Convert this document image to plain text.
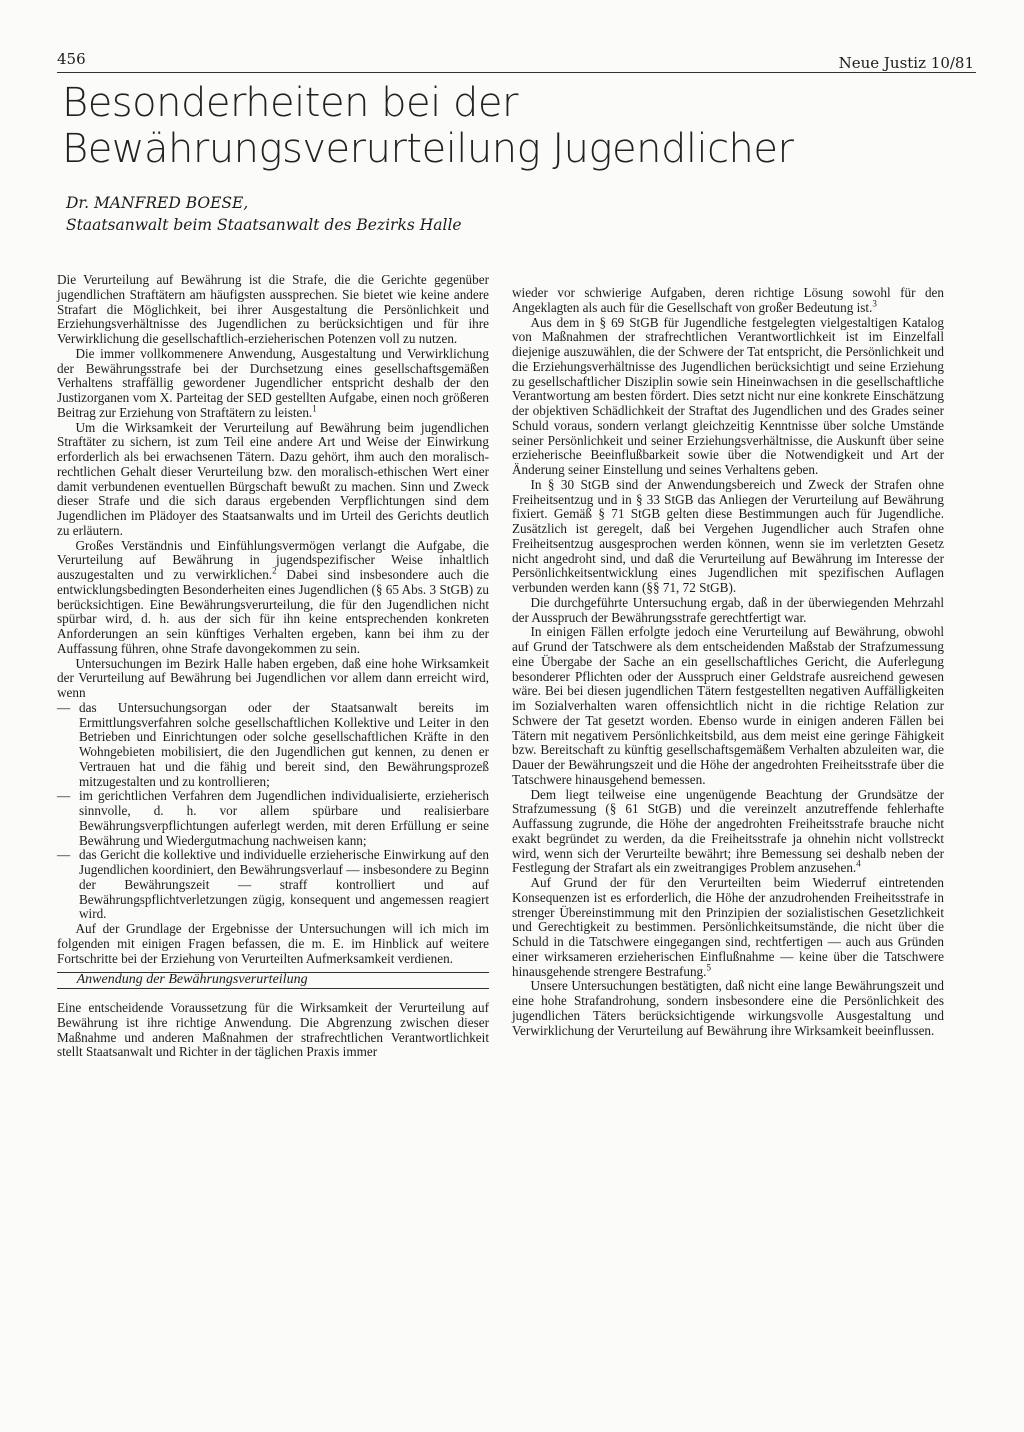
456	Neue Justiz 10/81
Besonderheiten bei der Bewährungsverurteilung Jugendlicher
Dr. MANFRED BOESE,
Staatsanwalt beim Staatsanwalt des Bezirks Halle

Die Verurteilung auf Bewährung ist die Strafe, die die Gerichte gegenüber jugendlichen Straftätern am häufigsten aussprechen. Sie bietet wie keine andere Strafart die Möglichkeit, bei ihrer Ausgestaltung die Persönlichkeit und Erziehungsverhältnisse des Jugendlichen zu berücksichtigen und für ihre Verwirklichung die gesellschaftlich-erzieherischen Potenzen voll zu nutzen.

Die immer vollkommenere Anwendung, Ausgestaltung und Verwirklichung der Bewährungsstrafe bei der Durchsetzung eines gesellschaftsgemäßen Verhaltens straffällig gewordener Jugendlicher entspricht deshalb der den Justizorganen vom X. Parteitag der SED gestellten Aufgabe, einen noch größeren Beitrag zur Erziehung von Straftätern zu leisten.$^1$

Um die Wirksamkeit der Verurteilung auf Bewährung beim jugendlichen Straftäter zu sichern, ist zum Teil eine andere Art und Weise der Einwirkung erforderlich als bei erwachsenen Tätern. Dazu gehört, ihm auch den moralisch-rechtlichen Gehalt dieser Verurteilung bzw. den moralisch-ethischen Wert einer damit verbundenen eventuellen Bürgschaft bewußt zu machen. Sinn und Zweck dieser Strafe und die sich daraus ergebenden Verpflichtungen sind dem Jugendlichen im Plädoyer des Staatsanwalts und im Urteil des Gerichts deutlich zu erläutern.

Großes Verständnis und Einfühlungsvermögen verlangt die Aufgabe, die Verurteilung auf Bewährung in jugendspezifischer Weise inhaltlich auszugestalten und zu verwirklichen.$^2$ Dabei sind insbesondere auch die entwicklungsbedingten Besonderheiten eines Jugendlichen (§ 65 Abs. 3 StGB) zu berücksichtigen. Eine Bewährungsverurteilung, die für den Jugendlichen nicht spürbar wird, d. h. aus der sich für ihn keine entsprechenden konkreten Anforderungen an sein künftiges Verhalten ergeben, kann bei ihm zu der Auffassung führen, ohne Strafe davongekommen zu sein.

Untersuchungen im Bezirk Halle haben ergeben, daß eine hohe Wirksamkeit der Verurteilung auf Bewährung bei Jugendlichen vor allem dann erreicht wird, wenn

— das Untersuchungsorgan oder der Staatsanwalt bereits im Ermittlungsverfahren solche gesellschaftlichen Kollektive und Leiter in den Betrieben und Einrichtungen oder solche gesellschaftlichen Kräfte in den Wohngebieten mobilisiert, die den Jugendlichen gut kennen, zu denen er Vertrauen hat und die fähig und bereit sind, den Bewährungsprozeß mitzugestalten und zu kontrollieren;
— im gerichtlichen Verfahren dem Jugendlichen individualisierte, erzieherisch sinnvolle, d. h. vor allem spürbare und realisierbare Bewährungsverpflichtungen auferlegt werden, mit deren Erfüllung er seine Bewährung und Wiedergutmachung nachweisen kann;
— das Gericht die kollektive und individuelle erzieherische Einwirkung auf den Jugendlichen koordiniert, den Bewährungsverlauf — insbesondere zu Beginn der Bewährungszeit — straff kontrolliert und auf Bewährungspflichtverletzungen zügig, konsequent und angemessen reagiert wird.

Auf der Grundlage der Ergebnisse der Untersuchungen will ich mich im folgenden mit einigen Fragen befassen, die m. E. im Hinblick auf weitere Fortschritte bei der Erziehung von Verurteilten Aufmerksamkeit verdienen.

Anwendung der Bewährungsverurteilung

Eine entscheidende Voraussetzung für die Wirksamkeit der Verurteilung auf Bewährung ist ihre richtige Anwendung. Die Abgrenzung zwischen dieser Maßnahme und anderen Maßnahmen der strafrechtlichen Verantwortlichkeit stellt Staatsanwalt und Richter in der täglichen Praxis immer

wieder vor schwierige Aufgaben, deren richtige Lösung sowohl für den Angeklagten als auch für die Gesellschaft von großer Bedeutung ist.$^3$

Aus dem in § 69 StGB für Jugendliche festgelegten vielgestaltigen Katalog von Maßnahmen der strafrechtlichen Verantwortlichkeit ist im Einzelfall diejenige auszuwählen, die der Schwere der Tat entspricht, die Persönlichkeit und die Erziehungsverhältnisse des Jugendlichen berücksichtigt und seine Erziehung zu gesellschaftlicher Disziplin sowie sein Hineinwachsen in die gesellschaftliche Verantwortung am besten fördert. Dies setzt nicht nur eine konkrete Einschätzung der objektiven Schädlichkeit der Straftat des Jugendlichen und des Grades seiner Schuld voraus, sondern verlangt gleichzeitig Kenntnisse über solche Umstände seiner Persönlichkeit und seiner Erziehungsverhältnisse, die Auskunft über seine erzieherische Beeinflußbarkeit sowie über die Notwendigkeit und Art der Änderung seiner Einstellung und seines Verhaltens geben.

In § 30 StGB sind der Anwendungsbereich und Zweck der Strafen ohne Freiheitsentzug und in § 33 StGB das Anliegen der Verurteilung auf Bewährung fixiert. Gemäß § 71 StGB gelten diese Bestimmungen auch für Jugendliche. Zusätzlich ist geregelt, daß bei Vergehen Jugendlicher auch Strafen ohne Freiheitsentzug ausgesprochen werden können, wenn sie im verletzten Gesetz nicht angedroht sind, und daß die Verurteilung auf Bewährung im Interesse der Persönlichkeitsentwicklung eines Jugendlichen mit spezifischen Auflagen verbunden werden kann (§§ 71, 72 StGB).

Die durchgeführte Untersuchung ergab, daß in der überwiegenden Mehrzahl der Ausspruch der Bewährungsstrafe gerechtfertigt war.

In einigen Fällen erfolgte jedoch eine Verurteilung auf Bewährung, obwohl auf Grund der Tatschwere als dem entscheidenden Maßstab der Strafzumessung eine Übergabe der Sache an ein gesellschaftliches Gericht, die Auferlegung besonderer Pflichten oder der Ausspruch einer Geldstrafe ausreichend gewesen wäre. Bei bei diesen jugendlichen Tätern festgestellten negativen Auffälligkeiten im Sozialverhalten waren offensichtlich nicht in die richtige Relation zur Schwere der Tat gesetzt worden. Ebenso wurde in einigen anderen Fällen bei Tätern mit negativem Persönlichkeitsbild, aus dem meist eine geringe Fähigkeit bzw. Bereitschaft zu künftig gesellschaftsgemäßem Verhalten abzuleiten war, die Dauer der Bewährungszeit und die Höhe der angedrohten Freiheitsstrafe über die Tatschwere hinausgehend bemessen.

Dem liegt teilweise eine ungenügende Beachtung der Grundsätze der Strafzumessung (§ 61 StGB) und die vereinzelt anzutreffende fehlerhafte Auffassung zugrunde, die Höhe der angedrohten Freiheitsstrafe brauche nicht exakt begründet zu werden, da die Freiheitsstrafe ja ohnehin nicht vollstreckt wird, wenn sich der Verurteilte bewährt; ihre Bemessung sei deshalb neben der Festlegung der Strafart als ein zweitrangiges Problem anzusehen.$^4$

Auf Grund der für den Verurteilten beim Wiederruf eintretenden Konsequenzen ist es erforderlich, die Höhe der anzudrohenden Freiheitsstrafe in strenger Übereinstimmung mit den Prinzipien der sozialistischen Gesetzlichkeit und Gerechtigkeit zu bestimmen. Persönlichkeitsumstände, die nicht über die Schuld in die Tatschwere eingegangen sind, rechtfertigen — auch aus Gründen einer wirksameren erzieherischen Einflußnahme — keine über die Tatschwere hinausgehende strengere Bestrafung.$^5$

Unsere Untersuchungen bestätigten, daß nicht eine lange Bewährungszeit und eine hohe Strafandrohung, sondern insbesondere eine die Persönlichkeit des jugendlichen Täters berücksichtigende wirkungsvolle Ausgestaltung und Verwirklichung der Verurteilung auf Bewährung ihre Wirksamkeit beeinflussen.
